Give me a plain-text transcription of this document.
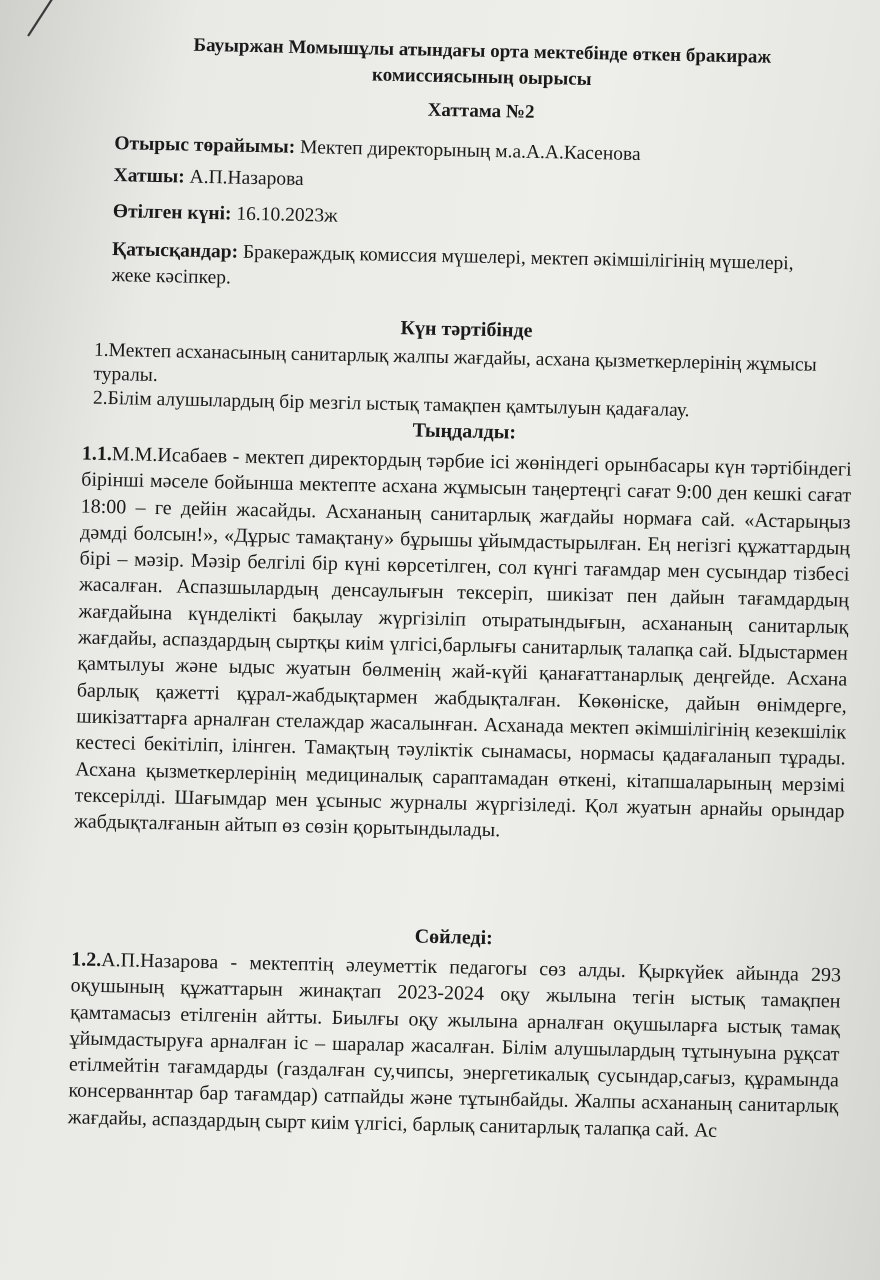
Бауыржан Момышұлы атындағы орта мектебінде өткен бракираж комиссиясының оырысы
Хаттама №2
Отырыс төрайымы: Мектеп директорының м.а.А.А.Касенова
Хатшы: А.П.Назарова
Өтілген күні: 16.10.2023ж
Қатысқандар: Бракераждық комиссия мүшелері, мектеп әкімшілігінің мүшелері, жеке кәсіпкер.
Күн тәртібінде

1.Мектеп асханасының санитарлық жалпы жағдайы, асхана қызметкерлерінің жұмысы туралы.

2.Білім алушылардың бір мезгіл ыстық тамақпен қамтылуын қадағалау.

Тыңдалды:

1.1.М.М.Исабаев - мектеп директордың тәрбие ісі жөніндегі орынбасары күн тәртібіндегі бірінші мәселе бойынша мектепте асхана жұмысын таңертеңгі сағат 9:00 ден кешкі сағат 18:00 – ге дейін жасайды. Асхананың санитарлық жағдайы нормаға сай. «Астарыңыз дәмді болсын!», «Дұрыс тамақтану» бұрышы ұйымдастырылған. Ең негізгі құжаттардың бірі – мәзір. Мәзір белгілі бір күні көрсетілген, сол күнгі тағамдар мен сусындар тізбесі жасалған. Аспазшылардың денсаулығын тексеріп, шикізат пен дайын тағамдардың жағдайына күнделікті бақылау жүргізіліп отыратындығын, асхананың санитарлық жағдайы, аспаздардың сыртқы киім үлгісі,барлығы санитарлық талапқа сай. Ыдыстармен қамтылуы және ыдыс жуатын бөлменің жай-күйі қанағаттанарлық деңгейде. Асхана барлық қажетті құрал-жабдықтармен жабдықталған. Көкөніске, дайын өнімдерге, шикізаттарға арналған стелаждар жасалынған. Асханада мектеп әкімшілігінің кезекшілік кестесі бекітіліп, ілінген. Тамақтың тәуліктік сынамасы, нормасы қадағаланып тұрады. Асхана қызметкерлерінің медициналық сараптамадан өткені, кітапшаларының мерзімі тексерілді. Шағымдар мен ұсыныс журналы жүргізіледі. Қол жуатын арнайы орындар жабдықталғанын айтып өз сөзін қорытындылады.

Сөйледі:

1.2.А.П.Назарова - мектептің әлеуметтік педагогы сөз алды. Қыркүйек айында 293 оқушының құжаттарын жинақтап 2023-2024 оқу жылына тегін ыстық тамақпен қамтамасыз етілгенін айтты. Биылғы оқу жылына арналған оқушыларға ыстық тамақ ұйымдастыруға арналған іс – шаралар жасалған. Білім алушылардың тұтынуына рұқсат етілмейтін тағамдарды (газдалған су,чипсы, энергетикалық сусындар,сағыз, құрамында консерваннтар бар тағамдар) сатпайды және тұтынбайды. Жалпы асхананың санитарлық жағдайы, аспаздардың сырт киім үлгісі, барлық санитарлық талапқа сай. Ас
